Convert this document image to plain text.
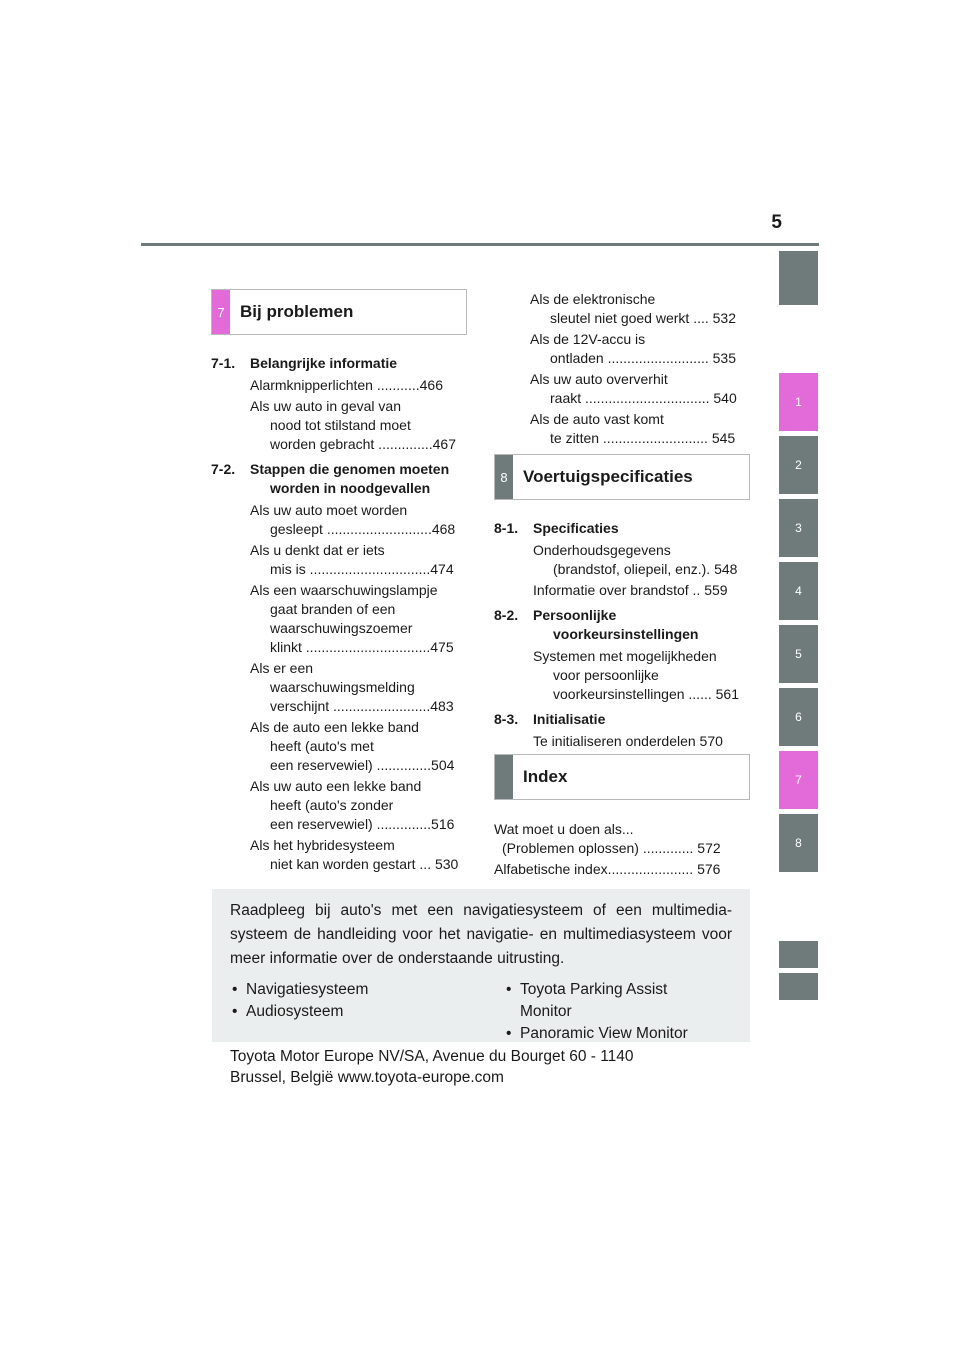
5
1
2
3
4
5
6
7
8
7 Bij problemen
7-1. Belangrijke informatie
Alarmknipperlichten ...........466
Als uw auto in geval van
nood tot stilstand moet
worden gebracht ..............467
7-2. Stappen die genomen moeten
worden in noodgevallen
Als uw auto moet worden
gesleept ...........................468
Als u denkt dat er iets
mis is ...............................474
Als een waarschuwingslampje
gaat branden of een
waarschuwingszoemer
klinkt ................................475
Als er een
waarschuwingsmelding
verschijnt .........................483
Als de auto een lekke band
heeft (auto's met
een reservewiel) ..............504
Als uw auto een lekke band
heeft (auto's zonder
een reservewiel) ..............516
Als het hybridesysteem
niet kan worden gestart ... 530
Als de elektronische
sleutel niet goed werkt .... 532
Als de 12V-accu is
ontladen .......................... 535
Als uw auto oververhit
raakt ................................ 540
Als de auto vast komt
te zitten ........................... 545
8 Voertuigspecificaties
8-1. Specificaties
Onderhoudsgegevens
(brandstof, oliepeil, enz.). 548
Informatie over brandstof .. 559
8-2. Persoonlijke
voorkeursinstellingen
Systemen met mogelijkheden
voor persoonlijke
voorkeursinstellingen ...... 561
8-3. Initialisatie
Te initialiseren onderdelen 570
Index
Wat moet u doen als...
(Problemen oplossen) ............. 572
Alfabetische index...................... 576
Raadpleeg bij auto's met een navigatiesysteem of een multimedia-systeem de handleiding voor het navigatie- en multimediasysteem voor meer informatie over de onderstaande uitrusting.
•  Navigatiesysteem
•  Audiosysteem
•  Toyota Parking Assist
Monitor
•  Panoramic View Monitor
Toyota Motor Europe NV/SA, Avenue du Bourget 60 - 1140
Brussel, België www.toyota-europe.com
